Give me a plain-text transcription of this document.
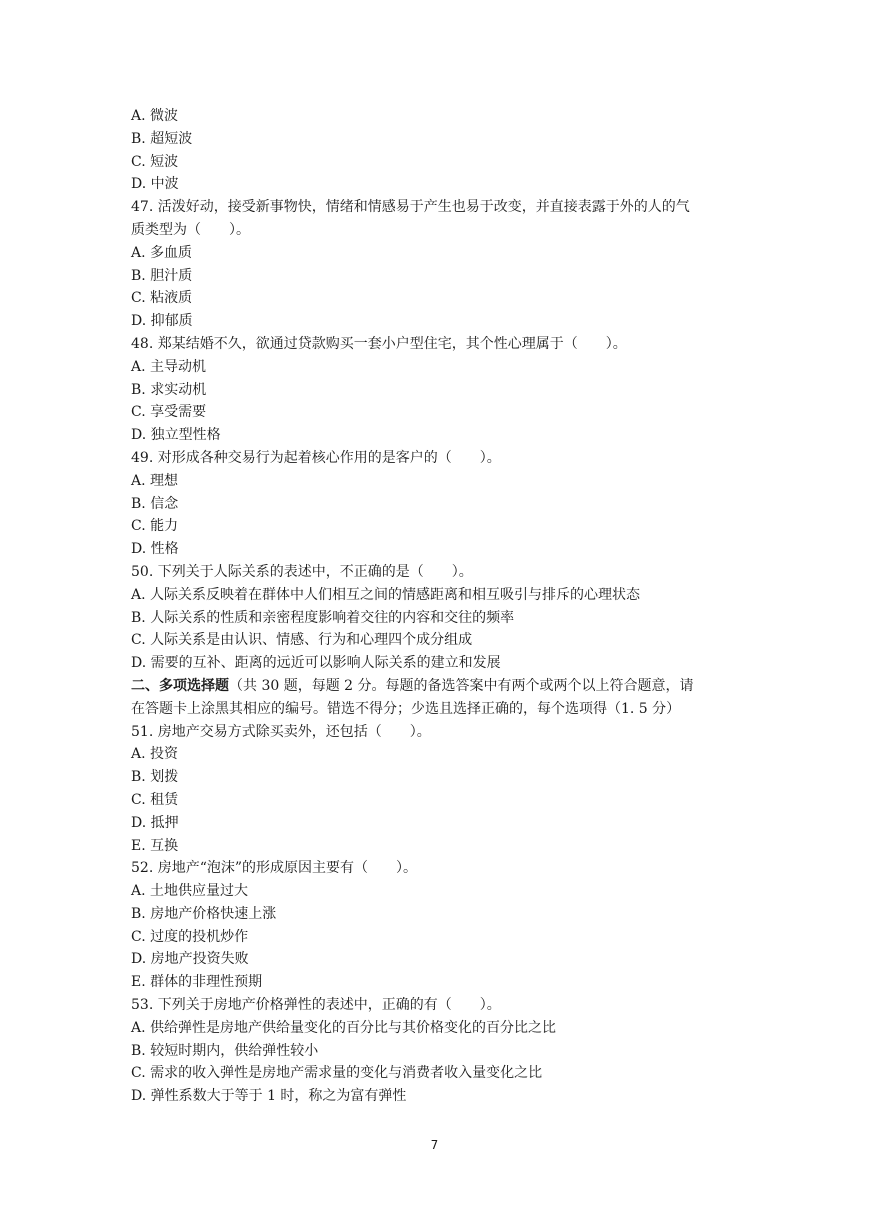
A. 微波
B. 超短波
C. 短波
D. 中波
47. 活泼好动，接受新事物快，情绪和情感易于产生也易于改变，并直接表露于外的人的气
质类型为（　　）。
A. 多血质
B. 胆汁质
C. 粘液质
D. 抑郁质
48. 郑某结婚不久，欲通过贷款购买一套小户型住宅，其个性心理属于（　　）。
A. 主导动机
B. 求实动机
C. 享受需要
D. 独立型性格
49. 对形成各种交易行为起着核心作用的是客户的（　　）。
A. 理想
B. 信念
C. 能力
D. 性格
50. 下列关于人际关系的表述中，不正确的是（　　）。
A. 人际关系反映着在群体中人们相互之间的情感距离和相互吸引与排斥的心理状态
B. 人际关系的性质和亲密程度影响着交往的内容和交往的频率
C. 人际关系是由认识、情感、行为和心理四个成分组成
D. 需要的互补、距离的远近可以影响人际关系的建立和发展
二、多项选择题（共 30 题，每题 2 分。每题的备选答案中有两个或两个以上符合题意，请
在答题卡上涂黑其相应的编号。错选不得分；少选且选择正确的，每个选项得（1. 5 分）
51. 房地产交易方式除买卖外，还包括（　　）。
A. 投资
B. 划拨
C. 租赁
D. 抵押
E. 互换
52. 房地产“泡沫”的形成原因主要有（　　）。
A. 土地供应量过大
B. 房地产价格快速上涨
C. 过度的投机炒作
D. 房地产投资失败
E. 群体的非理性预期
53. 下列关于房地产价格弹性的表述中，正确的有（　　）。
A. 供给弹性是房地产供给量变化的百分比与其价格变化的百分比之比
B. 较短时期内，供给弹性较小
C. 需求的收入弹性是房地产需求量的变化与消费者收入量变化之比
D. 弹性系数大于等于 1 时，称之为富有弹性
7
